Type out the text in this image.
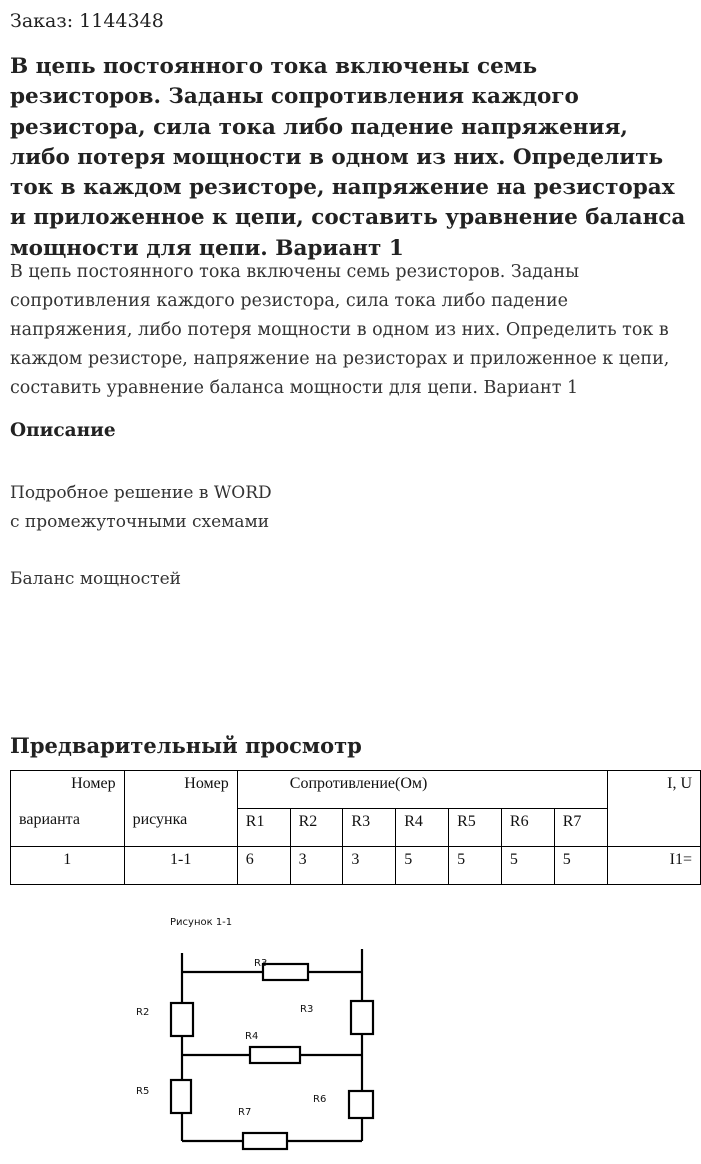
Заказ: 1144348
В цепь постоянного тока включены семь резисторов. Заданы сопротивления каждого резистора, сила тока либо падение напряжения, либо потеря мощности в одном из них. Определить ток в каждом резисторе, напряжение на резисторах и приложенное к цепи, составить уравнение баланса мощности для цепи. Вариант 1
В цепь постоянного тока включены семь резисторов. Заданы сопротивления каждого резистора, сила тока либо падение напряжения, либо потеря мощности в одном из них. Определить ток в каждом резисторе, напряжение на резисторах и приложенное к цепи, составить уравнение баланса мощности для цепи. Вариант 1
Описание
Подробное решение в WORD
с промежуточными схемами
Баланс мощностей
Предварительный просмотр
Номер	Номер	Сопротивление(Ом)							I, U
варианта	рисунка	R1	R2	R3	R4	R5	R6	R7	
1	1-1	6	3	3	5	5	5	5	I1=
Рисунок 1-1
R3
R2	R3
R4
R5
R6
R7
